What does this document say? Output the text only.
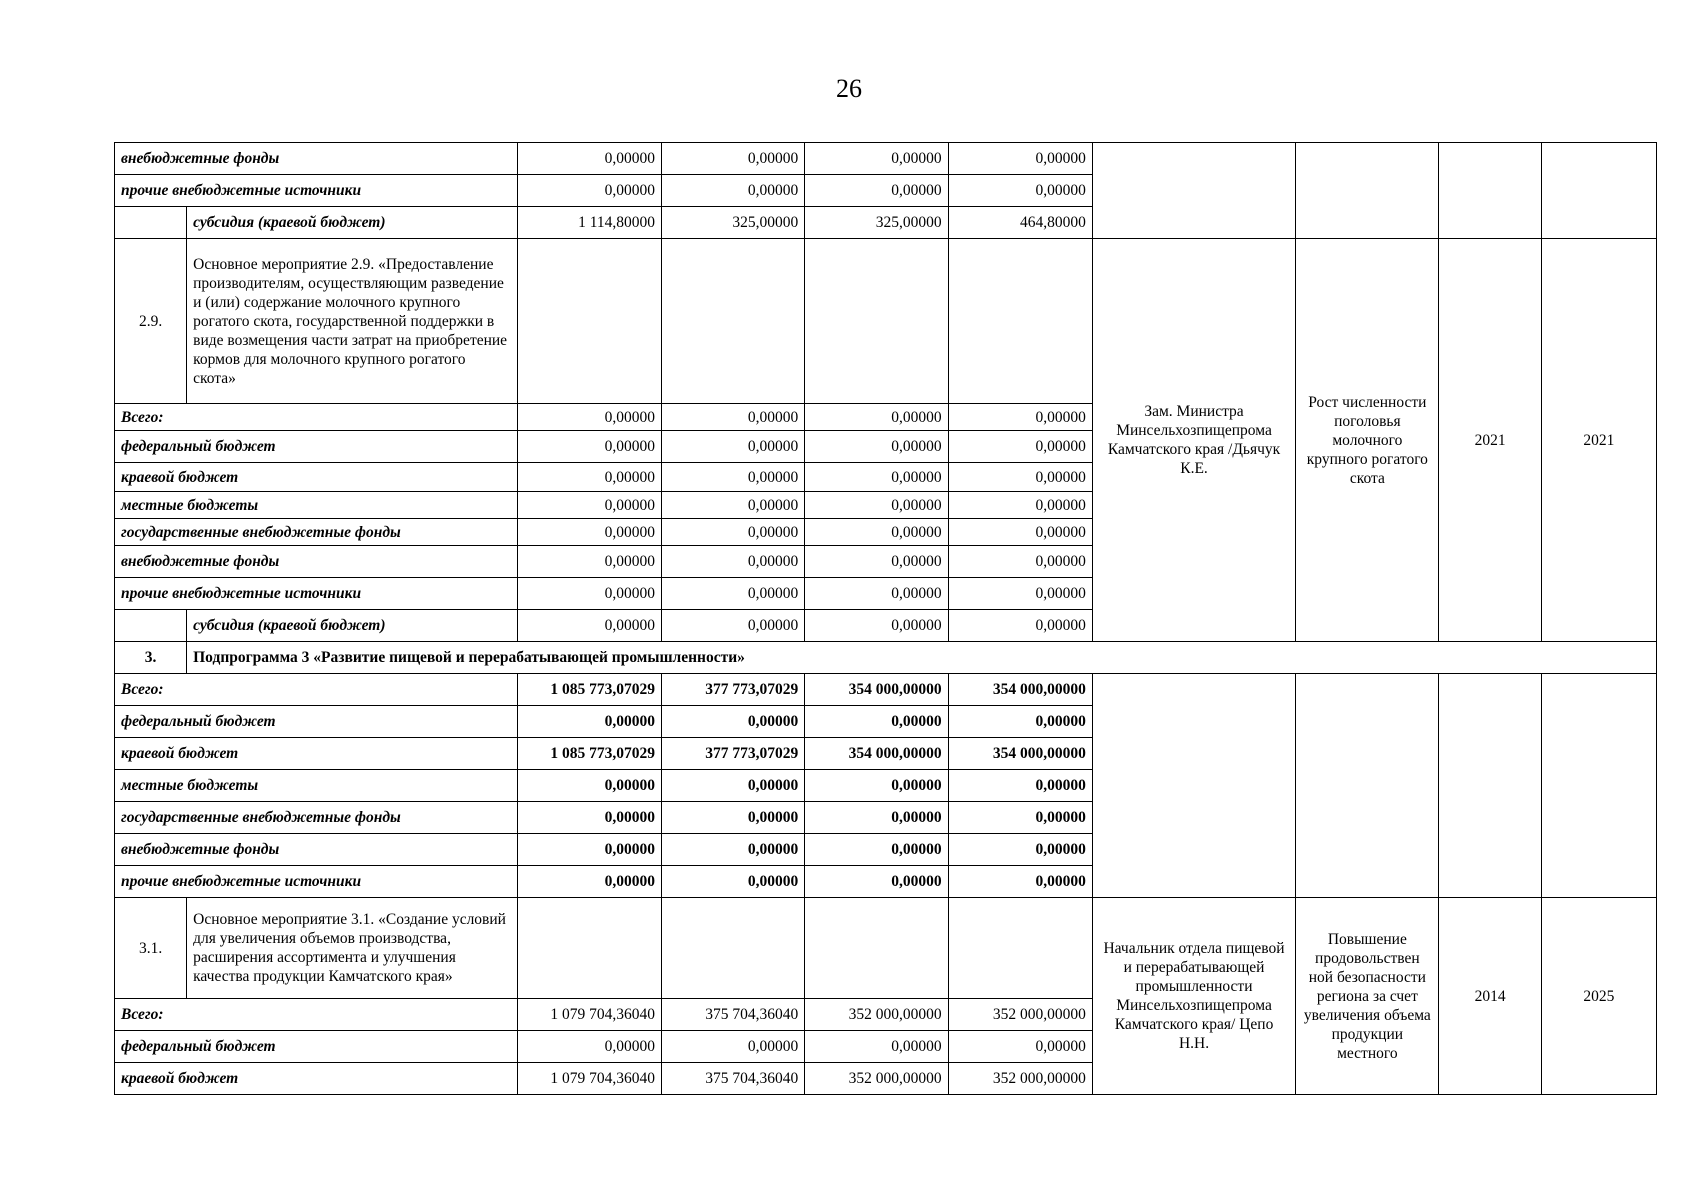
26
внебюджетные фонды		0,00000	0,00000	0,00000	0,00000				
прочие внебюджетные источники		0,00000	0,00000	0,00000	0,00000				
	субсидия (краевой бюджет)	1 114,80000	325,00000	325,00000	464,80000				
2.9.	Основное мероприятие 2.9. «Предоставление производителям, осуществляющим разведение и (или) содержание молочного крупного рогатого скота, государственной поддержки в виде возмещения части затрат на приобретение кормов для молочного крупного рогатого скота»					Зам. Министра Минсельхозпищепрома Камчатского края /Дьячук К.Е.	Рост численности поголовья молочного крупного рогатого скота	2021	2021
Всего:		0,00000	0,00000	0,00000	0,00000				
федеральный бюджет		0,00000	0,00000	0,00000	0,00000				
краевой бюджет		0,00000	0,00000	0,00000	0,00000				
местные бюджеты		0,00000	0,00000	0,00000	0,00000				
государственные внебюджетные фонды		0,00000	0,00000	0,00000	0,00000				
внебюджетные фонды		0,00000	0,00000	0,00000	0,00000				
прочие внебюджетные источники		0,00000	0,00000	0,00000	0,00000				
	субсидия (краевой бюджет)	0,00000	0,00000	0,00000	0,00000				
3.	Подпрограмма 3 «Развитие пищевой и перерабатывающей промышленности»								
Всего:		1 085 773,07029	377 773,07029	354 000,00000	354 000,00000				
федеральный бюджет		0,00000	0,00000	0,00000	0,00000				
краевой бюджет		1 085 773,07029	377 773,07029	354 000,00000	354 000,00000				
местные бюджеты		0,00000	0,00000	0,00000	0,00000				
государственные внебюджетные фонды		0,00000	0,00000	0,00000	0,00000				
внебюджетные фонды		0,00000	0,00000	0,00000	0,00000				
прочие внебюджетные источники		0,00000	0,00000	0,00000	0,00000				
3.1.	Основное мероприятие 3.1. «Создание условий для увеличения объемов производства, расширения ассортимента и улучшения качества продукции Камчатского края»					Начальник отдела пищевой и перерабатывающей промышленности Минсельхозпищепрома Камчатского края/ Цепо Н.Н.	Повышение продовольствен ной безопасности региона за счет увеличения объема продукции местного	2014	2025
Всего:		1 079 704,36040	375 704,36040	352 000,00000	352 000,00000				
федеральный бюджет		0,00000	0,00000	0,00000	0,00000				
краевой бюджет		1 079 704,36040	375 704,36040	352 000,00000	352 000,00000				
